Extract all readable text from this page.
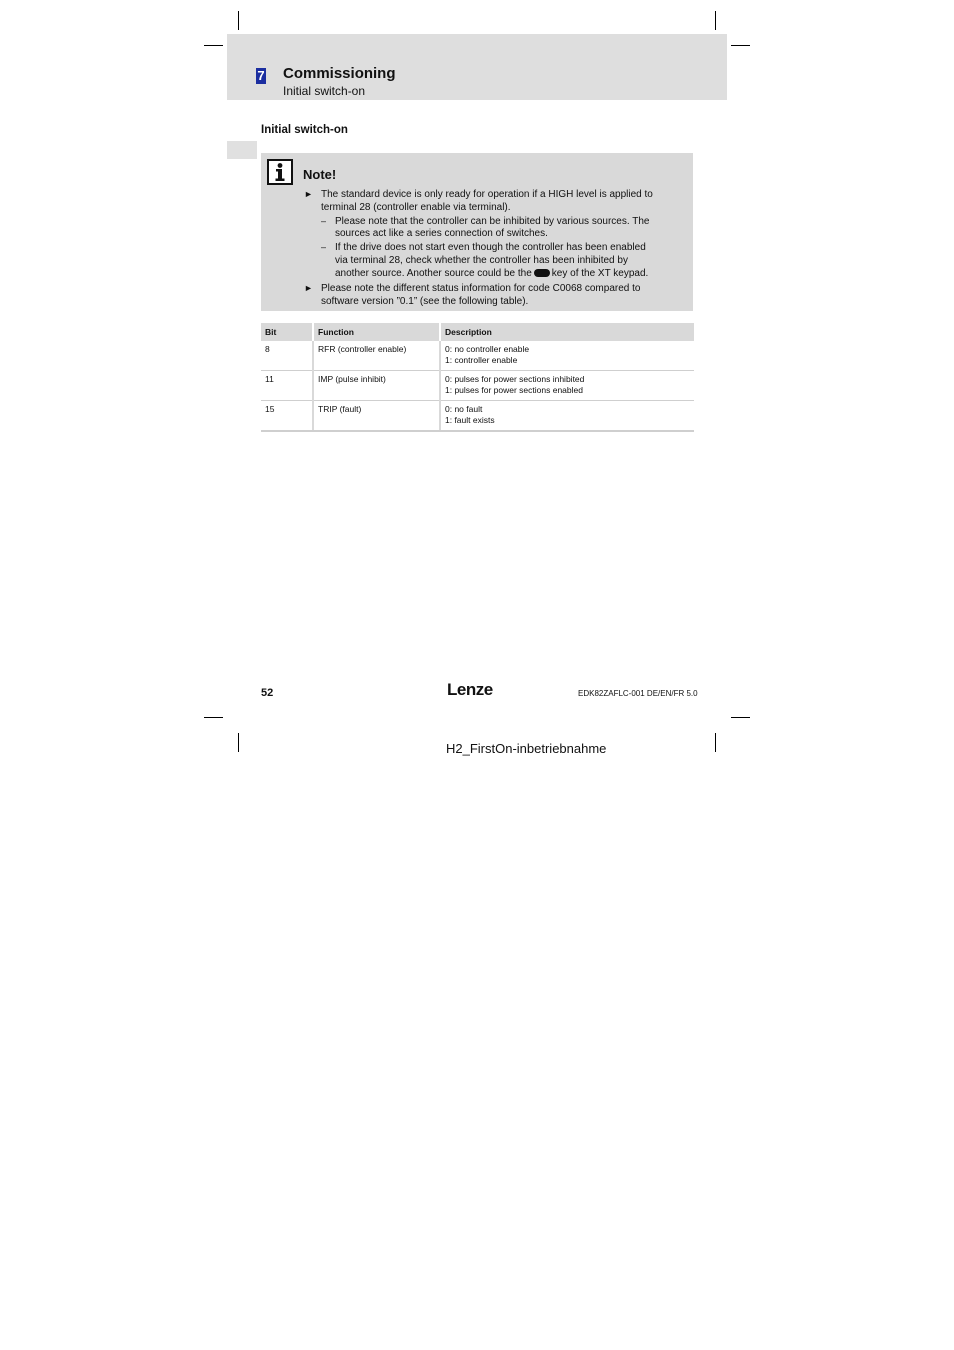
7 Commissioning
Initial switch-on
Initial switch-on
Note!
► The standard device is only ready for operation if a HIGH level is applied to
terminal 28 (controller enable via terminal).
– Please note that the controller can be inhibited by various sources. The
sources act like a series connection of switches.
– If the drive does not start even though the controller has been enabled
via terminal 28, check whether the controller has been inhibited by
another source. Another source could be the key of the XT keypad.
► Please note the different status information for code C0068 compared to
software version ”0.1” (see the following table).
Bit	Function	Description
8	RFR (controller enable)	0: no controller enable
1: controller enable

11	IMP (pulse inhibit)	0: pulses for power sections inhibited
1: pulses for power sections enabled

15	TRIP (fault)	0: no fault
1: fault exists
52	Lenze	EDK82ZAFLC-001 DE/EN/FR 5.0
H2_FirstOn-inbetriebnahme
